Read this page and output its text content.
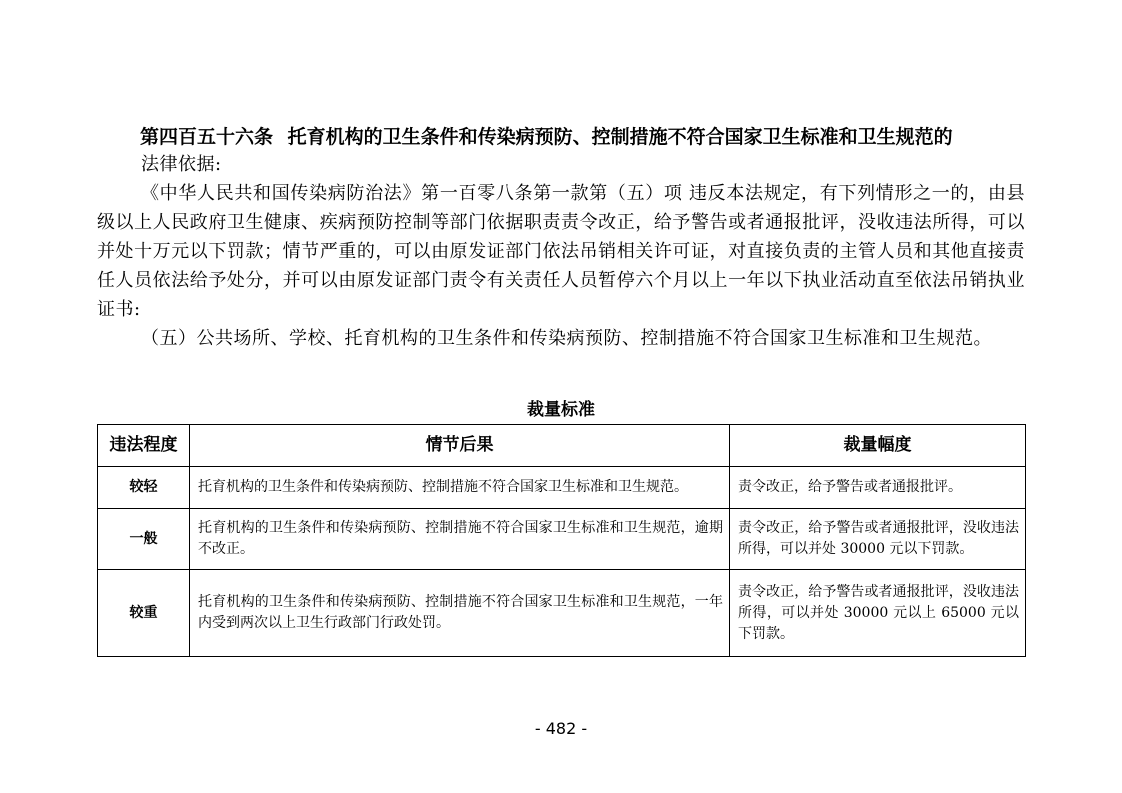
第四百五十六条 托育机构的卫生条件和传染病预防、控制措施不符合国家卫生标准和卫生规范的
法律依据:

《中华人民共和国传染病防治法》第一百零八条第一款第（五）项 违反本法规定，有下列情形之一的，由县级以上人民政府卫生健康、疾病预防控制等部门依据职责责令改正，给予警告或者通报批评，没收违法所得，可以并处十万元以下罚款；情节严重的，可以由原发证部门依法吊销相关许可证，对直接负责的主管人员和其他直接责任人员依法给予处分，并可以由原发证部门责令有关责任人员暂停六个月以上一年以下执业活动直至依法吊销执业证书:

（五）公共场所、学校、托育机构的卫生条件和传染病预防、控制措施不符合国家卫生标准和卫生规范。

裁量标准
违法程度	情节后果	裁量幅度
较轻	托育机构的卫生条件和传染病预防、控制措施不符合国家卫生标准和卫生规范。	责令改正，给予警告或者通报批评。
一般	托育机构的卫生条件和传染病预防、控制措施不符合国家卫生标准和卫生规范，逾期不改正。	责令改正，给予警告或者通报批评，没收违法所得，可以并处 30000 元以下罚款。
较重	托育机构的卫生条件和传染病预防、控制措施不符合国家卫生标准和卫生规范，一年内受到两次以上卫生行政部门行政处罚。	责令改正，给予警告或者通报批评，没收违法所得，可以并处 30000 元以上 65000 元以下罚款。
- 482 -
